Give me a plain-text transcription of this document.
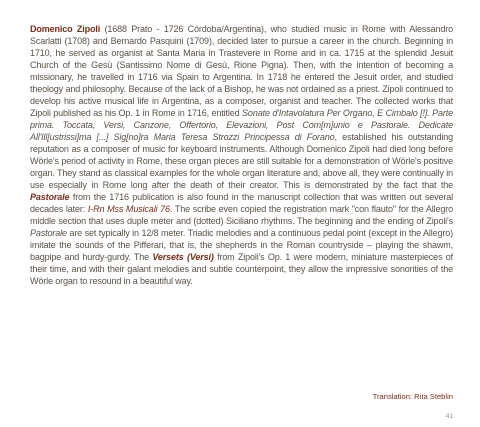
Domenico Zipoli (1688 Prato - 1726 Córdoba/Argentina), who studied music in Rome with Alessandro Scarlatti (1708) and Bernardo Pasquini (1709), decided later to pursue a career in the church. Beginning in 1710, he served as organist at Santa Maria in Trastevere in Rome and in ca. 1715 at the splendid Jesuit Church of the Gesù (Santissimo Nome di Gesù, Rione Pigna). Then, with the intention of becoming a missionary, he travelled in 1716 via Spain to Argentina. In 1718 he entered the Jesuit order, and studied theology and philosophy. Because of the lack of a Bishop, he was not ordained as a priest. Zipoli continued to develop his active musical life in Argentina, as a composer, organist and teacher. The collected works that Zipoli published as his Op. 1 in Rome in 1716, entitled Sonate d'Intavolatura Per Organo, E Cimbalo [!]. Parte prima. Toccata, Versi, Canzone, Offertorio, Elevazioni, Post Com[m]unio e Pastorale. Dedicate All'Ill[ustrissi]ma [...] Sig[no]ra Maria Teresa Strozzi Principessa di Forano, established his outstanding reputation as a composer of music for keyboard instruments. Although Domenico Zipoli had died long before Wörle's period of activity in Rome, these organ pieces are still suitable for a demonstration of Wörle's positive organ. They stand as classical examples for the whole organ literature and, above all, they were continually in use especially in Rome long after the death of their creator. This is demonstrated by the fact that the Pastorale from the 1716 publication is also found in the manuscript collection that was written out several decades later: I-Rn Mss Musicali 76. The scribe even copied the registration mark "con flauto" for the Allegro middle section that uses duple meter and (dotted) Siciliano rhythms. The beginning and the ending of Zipoli's Pastorale are set typically in 12/8 meter. Triadic melodies and a continuous pedal point (except in the Allegro) imitate the sounds of the Pifferari, that is, the shepherds in the Roman countryside – playing the shawm, bagpipe and hurdy-gurdy. The Versets (Versi) from Zipoli's Op. 1 were modern, miniature masterpieces of their time, and with their galant melodies and subtle counterpoint, they allow the impressive sonorities of the Wörle organ to resound in a beautiful way.
Translation: Rita Steblin
41
